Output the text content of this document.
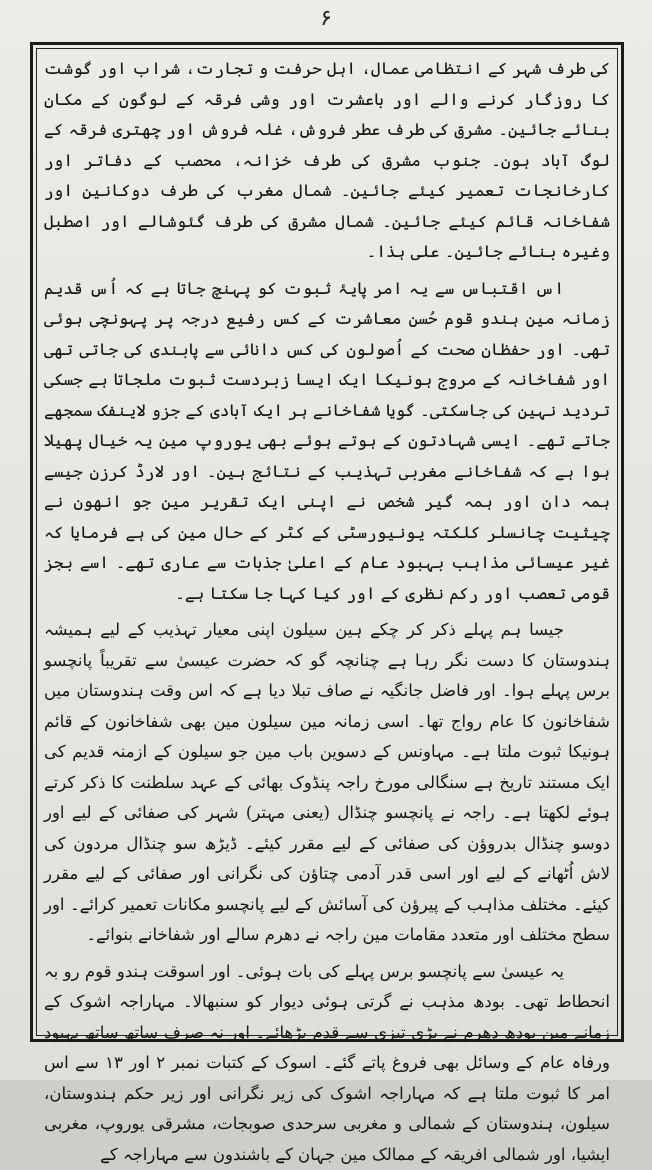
۶

کی طرف شہر کے انتظامی عمال، اہل حرفت و تجارت، شراب اور گوشت کا روزگار کرنے والے اور باعشرت اور وشی فرقہ کے لوگون کے مکان بنائے جائین۔ مشرق کی طرف عطر فروش، غلہ فروش اور چھتری فرقہ کے لوگ آباد ہون۔ جنوب مشرق کی طرف خزانہ، محصب کے دفاتر اور کارخانجات تعمیر کیئے جائین۔ شمال مغرب کی طرف دوکانین اور شفاخانہ قائم کیئے جائین۔ شمال مشرق کی طرف گئوشالے اور اصطبل وغیرہ بنائے جائین۔ علی ہذا۔

اس اقتباس سے یہ امر پایۂ ثبوت کو پہنچ جاتا ہے کہ اُس قدیم زمانہ مین ہندو قوم حُسن معاشرت کے کس رفیع درجہ پر پہونچی ہوئی تھی۔ اور حفظان صحت کے اُصولون کی کس دانائی سے پابندی کی جاتی تھی اور شفاخانہ کے مروج ہونیکا ایک ایسا زبردست ثبوت ملجاتا ہے جسکی تردید نہین کی جاسکتی۔ گویا شفاخانے ہر ایک آبادی کے جزو لاینفک سمجھے جاتے تھے۔ ایسی شہادتون کے ہوتے ہوئے بھی یوروپ مین یہ خیال پھیلا ہوا ہے کہ شفاخانے مغربی تہذیب کے نتائج ہین۔ اور لارڈ کرزن جیسے ہمہ دان اور ہمہ گیر شخص نے اپنی ایک تقریر مین جو انھون نے چیثیت چانسلر کلکتہ یونیورسٹی کے کٹر کے حال مین کی ہے فرمایا کہ غیر عیسائی مذاہب بہبود عام کے اعلیٰ جذبات سے عاری تھے۔ اسے بجز قومی تعصب اور رکم نظری کے اور کیا کہا جا سکتا ہے۔

جیسا ہم پہلے ذکر کر چکے ہین سیلون اپنی معیار تہذیب کے لیے ہمیشہ ہندوستان کا دست نگر رہا ہے چنانچہ گو کہ حضرت عیسیٰ سے تقریباً پانچسو برس پہلے ہوا۔ اور فاضل جانگیہ نے صاف تبلا دیا ہے کہ اس وقت ہندوستان میں شفاخانون کا عام رواج تھا۔ اسی زمانہ مین سیلون مین بھی شفاخانون کے قائم ہونیکا ثبوت ملتا ہے۔ مہاونس کے دسوین باب مین جو سیلون کے ازمنہ قدیم کی ایک مستند تاریخ ہے سنگالی مورخ راجہ پنڈوک بھائی کے عہد سلطنت کا ذکر کرتے ہوئے لکھتا ہے۔ راجہ نے پانچسو چنڈال (یعنی مہتر) شہر کی صفائی کے لیے اور دوسو چنڈال بدروؤن کی صفائی کے لیے مقرر کیئے۔ ڈیڑھ سو چنڈال مردون کی لاش اُٹھانے کے لیے اور اسی قدر آدمی چتاؤن کی نگرانی اور صفائی کے لیے مقرر کیئے۔ مختلف مذاہب کے پیرؤن کی آسائش کے لیے پانچسو مکانات تعمیر کرائے۔ اور سطح مختلف اور متعدد مقامات مین راجہ نے دھرم سالے اور شفاخانے بنوائے۔

یہ عیسیٰ سے پانچسو برس پہلے کی بات ہوئی۔ اور اسوقت ہندو قوم رو بہ انحطاط تھی۔ بودھ مذہب نے گرتی ہوئی دیوار کو سنبھالا۔ مہاراجہ اشوک کے زمانے مین بودھ دھرم نے بڑی تیزی سے قدم بڑھائے۔ اور نہ صرف ساتھ ساتھ بہبود ورفاہ عام کے وسائل بھی فروغ پاتے گئے۔ اسوک کے کتبات نمبر ۲ اور ۱۳ سے اس امر کا ثبوت ملتا ہے کہ مہاراجہ اشوک کی زیر نگرانی اور زیر حکم ہندوستان، سیلون، ہندوستان کے شمالی و مغربی سرحدی صوبجات، مشرقی یوروپ، مغربی ایشیا، اور شمالی افریقہ کے ممالک مین جہان کے باشندون سے مہاراجہ کے
